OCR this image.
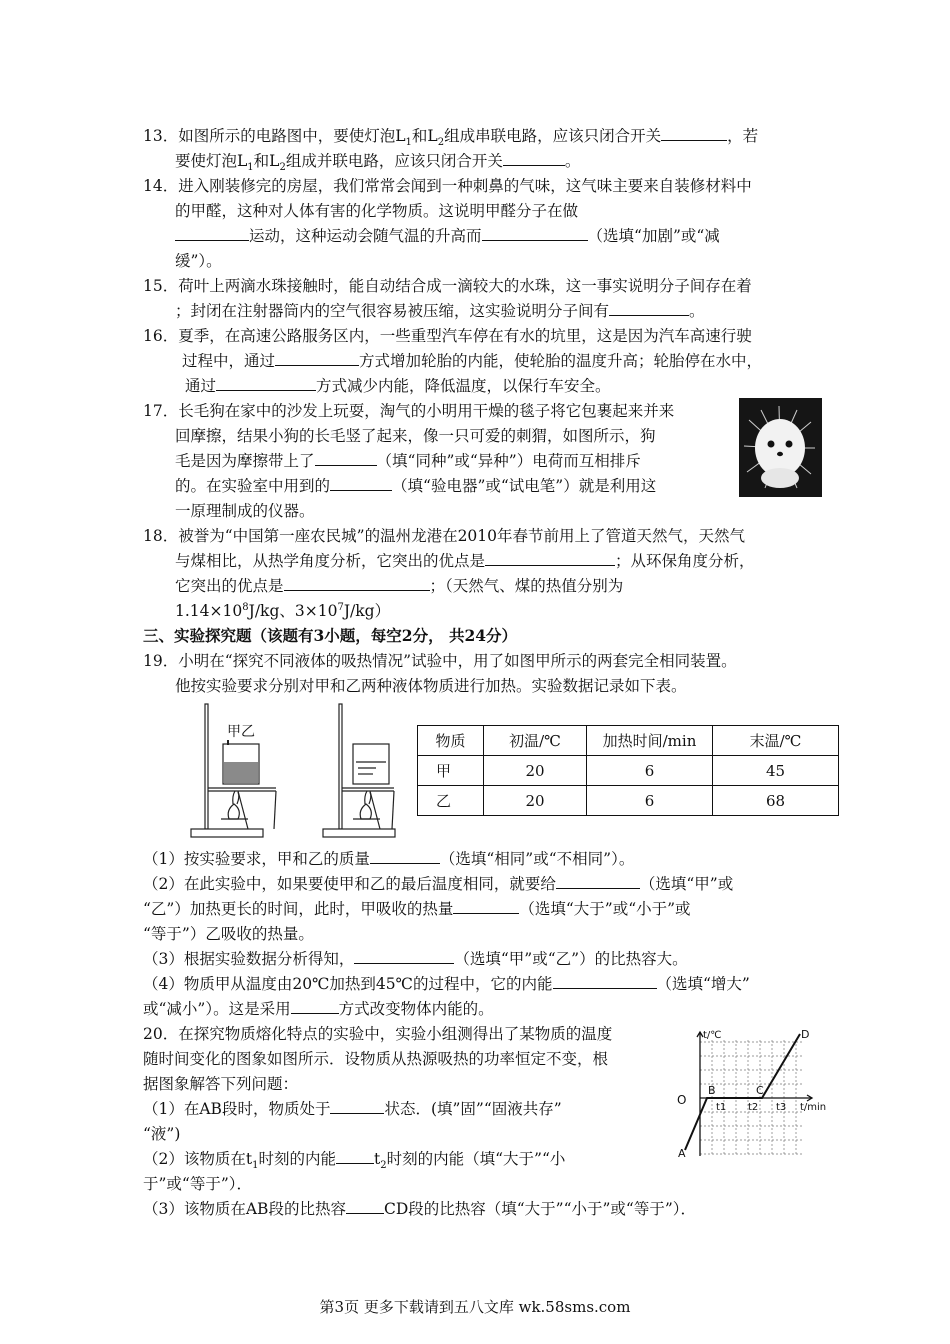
13．如图所示的电路图中，要使灯泡$L_1$和$L_2$组成串联电路，应该只闭合开关	，若
要使灯泡$L_1$和$L_2$组成并联电路，应该只闭合开关	。
14．进入刚装修完的房屋，我们常常会闻到一种刺鼻的气味，这气味主要来自装修材料中
的甲醛，这种对人体有害的化学物质。这说明甲醛分子在做
运动，这种运动会随气温的升高而	（选填“加剧”或“减
缓”）。
15．荷叶上两滴水珠接触时，能自动结合成一滴较大的水珠，这一事实说明分子间存在着
；封闭在注射器筒内的空气很容易被压缩，这实验说明分子间有	。
16．夏季，在高速公路服务区内，一些重型汽车停在有水的坑里，这是因为汽车高速行驶
过程中，通过	方式增加轮胎的内能，使轮胎的温度升高；轮胎停在水中，
通过	方式减少内能，降低温度，以保行车安全。
17．长毛狗在家中的沙发上玩耍，淘气的小明用干燥的毯子将它包裹起来并来
回摩擦，结果小狗的长毛竖了起来，像一只可爱的刺猬，如图所示，狗
毛是因为摩擦带上了	（填“同种”或“异种”）电荷而互相排斥
的。在实验室中用到的	（填“验电器”或“试电笔”）就是利用这
一原理制成的仪器。
18．被誉为“中国第一座农民城”的温州龙港在2010年春节前用上了管道天然气，天然气
与煤相比，从热学角度分析，它突出的优点是	；从环保角度分析，
它突出的优点是	；（天然气、煤的热值分别为
$1.14\times 10^8J/kg$、$3\times 10^7J/kg$）
三、实验探究题（该题有3小题，每空2分， 共24分）
19．小明在“探究不同液体的吸热情况”试验中，用了如图甲所示的两套完全相同装置。
他按实验要求分别对甲和乙两种液体物质进行加热。实验数据记录如下表。
甲乙	物质	初温/℃	加热时间/min	末温/℃
甲	20	6	45
乙	20	6	68
（1）按实验要求，甲和乙的质量	（选填“相同”或“不相同”）。
（2）在此实验中，如果要使甲和乙的最后温度相同，就要给	（选填“甲”或
“乙”）加热更长的时间，此时，甲吸收的热量	（选填“大于”或“小于”或
“等于”）乙吸收的热量。
（3）根据实验数据分析得知，	（选填“甲”或“乙”）的比热容大。
（4）物质甲从温度由20℃加热到45℃的过程中，它的内能	（选填“增大”
或“减小”）。这是采用	方式改变物体内能的。
20．在探究物质熔化特点的实验中，实验小组测得出了某物质的温度
随时间变化的图象如图所示．设物质从热源吸热的功率恒定不变，根
据图象解答下列问题：
（1）在AB段时，物质处于	状态．(填”固”“固液共存”
“液”)
（2）该物质在$t_1$时刻的内能 $t_2$时刻的内能（填“大于”“小
于”或“等于”）．
（3）该物质在AB段的比热容 CD段的比热容（填“大于”“小于”或“等于”）．
t/℃
t/min
O
A
B	C
D
t1 t2 t3
第3页 更多下载请到五八文库 wk.58sms.com
